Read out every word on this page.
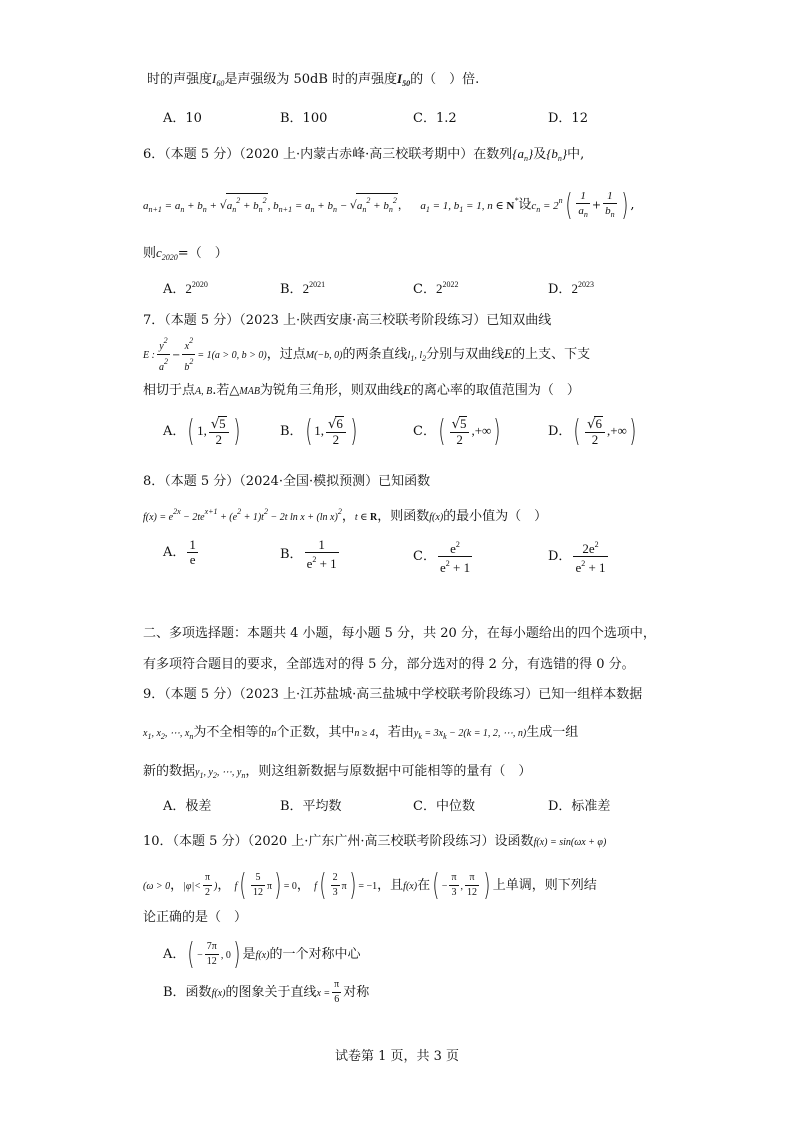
时的声强度$I_{60}$是声强级为 50dB 时的声强度$I_{50}$的（　）倍.
A．10	B．100	C．1.2	D．12
6．（本题 5 分）（2020 上·内蒙古赤峰·高三校联考期中）在数列$\{a_n\}$及$\{b_n\}$中,
$a_{n+1} = a_n + b_n + √a_n^2 + b_n^2$, $b_{n+1} = a_n + b_n - √a_n^2 + b_n^2$， $a_1 = 1$, $b_1 = 1$, n ∈ N*设$c_n = 2^n( \frac{1}{a_n} + \frac{1}{b_n}$ ) ,
则$c_{2020}=$（　）
A．$2^{2020}$	B．$2^{2021}$	C．$2^{2022}$	D．$2^{2023}$
7．（本题 5 分）（2023 上·陕西安康·高三校联考阶段练习）已知双曲线
E : $\frac{y^2}{a^2} - \frac{x^2}{b^2} = 1(a > 0$, b > 0)，过点M(−b, 0)的两条直线$l_1$, $l_2$分别与双曲线E的上支、下支
相切于点A, B.若△MAB为锐角三角形，则双曲线E的离心率的取值范围为（　）
A．( 1, $\frac{√5}{2}$ )	B．( 1, $\frac{√6}{2}$ )	C．( $\frac{√5}{2}$ ,+∞)	D．( $\frac{√6}{2}$ ,+∞)
8．（本题 5 分）（2024·全国·模拟预测）已知函数
$f(x) = e^{2x} - 2te^{x+1} + (e^2 + 1)t^2 - 2t$ ln x + (ln x)$^2$，t ∈ R，则函数f(x)的最小值为（　）
A． $\frac{1}{e}$	B． $\frac{1}{e^2 + 1}$	C． $\frac{e^2}{e^2 + 1}$	D． $\frac{2e^2}{e^2 + 1}$
二、多项选择题：本题共 4 小题，每小题 5 分，共 20 分，在每小题给出的四个选项中，
有多项符合题目的要求，全部选对的得 5 分，部分选对的得 2 分，有选错的得 0 分。
9．（本题 5 分）（2023 上·江苏盐城·高三盐城中学校联考阶段练习）已知一组样本数据
$x_1$, $x_2$, ⋯, $x_n$为不全相等的n个正数，其中n ≥ 4，若由$y_k = 3x_k - 2(k = 1$, 2, ⋯, n)生成一组
新的数据$y_1$, $y_2$, ⋯, $y_n$，则这组新数据与原数据中可能相等的量有（　）
A．极差	B．平均数	C．中位数	D．标准差
10．（本题 5 分）（2020 上·广东广州·高三校联考阶段练习）设函数f(x) = sin(ωx + φ)
(ω > 0，$|\varphi|< \frac{\pi}{2}$ )， $f( \frac{5}{12} \pi) = 0$， $f( \frac{2}{3} \pi) = -1$，且f(x)在( − $\frac{\pi}{3}$ , $\frac{\pi}{12}$ ) 上单调，则下列结
论正确的是（　）
A．( − $\frac{7\pi}{12}$ , 0) 是f(x)的一个对称中心
B．函数f(x)的图象关于直线$x = \frac{\pi}{6}$ 对称
试卷第 1 页，共 3 页
